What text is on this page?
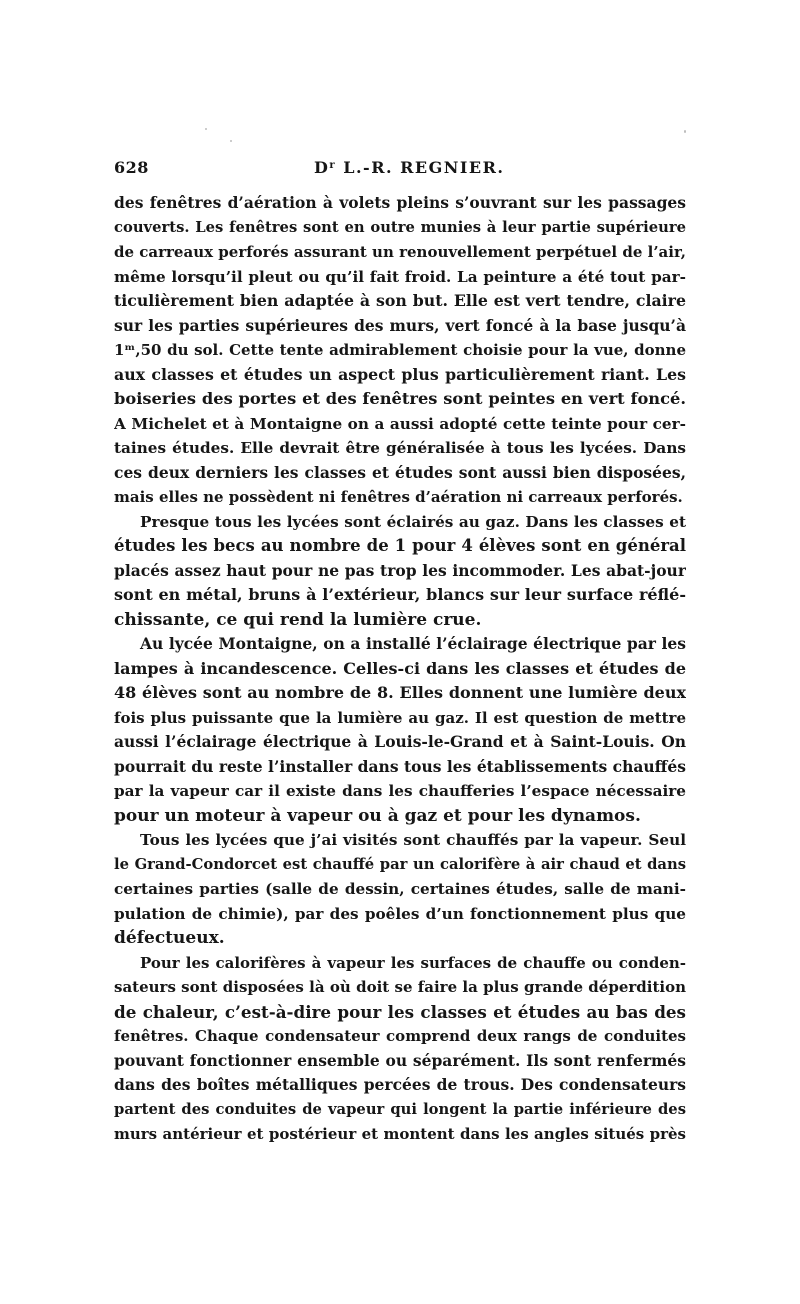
628	$D^r$ L.-R. REGNIER.
des fenêtres d’aération à volets pleins s’ouvrant sur les passages
couverts. Les fenêtres sont en outre munies à leur partie supérieure
de carreaux perforés assurant un renouvellement perpétuel de l’air,
même lorsqu’il pleut ou qu’il fait froid. La peinture a été tout par-
ticulièrement bien adaptée à son but. Elle est vert tendre, claire
sur les parties supérieures des murs, vert foncé à la base jusqu’à
1ᵐ,50 du sol. Cette tente admirablement choisie pour la vue, donne
aux classes et études un aspect plus particulièrement riant. Les
boiseries des portes et des fenêtres sont peintes en vert foncé.
A Michelet et à Montaigne on a aussi adopté cette teinte pour cer-
taines études. Elle devrait être généralisée à tous les lycées. Dans
ces deux derniers les classes et études sont aussi bien disposées,
mais elles ne possèdent ni fenêtres d’aération ni carreaux perforés.
Presque tous les lycées sont éclairés au gaz. Dans les classes et
études les becs au nombre de 1 pour 4 élèves sont en général
placés assez haut pour ne pas trop les incommoder. Les abat-jour
sont en métal, bruns à l’extérieur, blancs sur leur surface réflé-
chissante, ce qui rend la lumière crue.
Au lycée Montaigne, on a installé l’éclairage électrique par les
lampes à incandescence. Celles-ci dans les classes et études de
48 élèves sont au nombre de 8. Elles donnent une lumière deux
fois plus puissante que la lumière au gaz. Il est question de mettre
aussi l’éclairage électrique à Louis-le-Grand et à Saint-Louis. On
pourrait du reste l’installer dans tous les établissements chauffés
par la vapeur car il existe dans les chaufferies l’espace nécessaire
pour un moteur à vapeur ou à gaz et pour les dynamos.
Tous les lycées que j’ai visités sont chauffés par la vapeur. Seul
le Grand-Condorcet est chauffé par un calorifère à air chaud et dans
certaines parties (salle de dessin, certaines études, salle de mani-
pulation de chimie), par des poêles d’un fonctionnement plus que
défectueux.
Pour les calorifères à vapeur les surfaces de chauffe ou conden-
sateurs sont disposées là où doit se faire la plus grande déperdition
de chaleur, c’est-à-dire pour les classes et études au bas des
fenêtres. Chaque condensateur comprend deux rangs de conduites
pouvant fonctionner ensemble ou séparément. Ils sont renfermés
dans des boîtes métalliques percées de trous. Des condensateurs
partent des conduites de vapeur qui longent la partie inférieure des
murs antérieur et postérieur et montent dans les angles situés près
